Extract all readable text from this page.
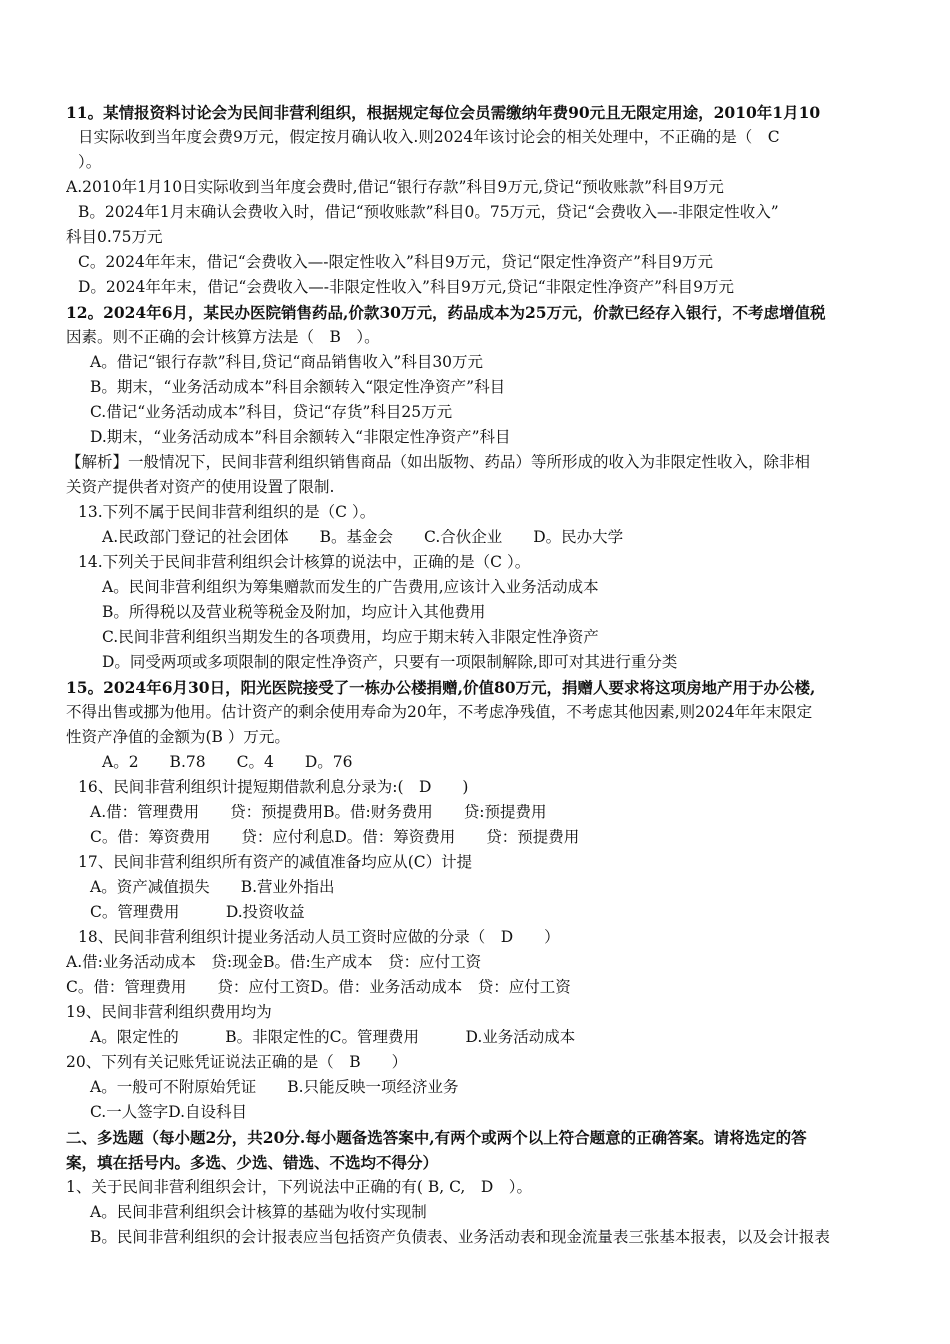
11。某情报资料讨论会为民间非营利组织，根据规定每位会员需缴纳年费90元且无限定用途，2010年1月10
日实际收到当年度会费9万元，假定按月确认收入.则2024年该讨论会的相关处理中，不正确的是（　C
）。
A.2010年1月10日实际收到当年度会费时,借记“银行存款”科目9万元,贷记“预收账款”科目9万元
B。2024年1月末确认会费收入时，借记“预收账款”科目0。75万元，贷记“会费收入—-非限定性收入”
科目0.75万元
C。2024年年末，借记“会费收入—-限定性收入”科目9万元，贷记“限定性净资产”科目9万元
D。2024年年末，借记“会费收入—-非限定性收入”科目9万元,贷记“非限定性净资产”科目9万元
12。2024年6月，某民办医院销售药品,价款30万元，药品成本为25万元，价款已经存入银行，不考虑增值税
因素。则不正确的会计核算方法是（　B　）。
A。借记“银行存款”科目,贷记“商品销售收入”科目30万元
B。期末，“业务活动成本”科目余额转入“限定性净资产”科目
C.借记“业务活动成本”科目，贷记“存货”科目25万元
D.期末，“业务活动成本”科目余额转入“非限定性净资产”科目
【解析】一般情况下，民间非营利组织销售商品（如出版物、药品）等所形成的收入为非限定性收入，除非相
关资产提供者对资产的使用设置了限制.
13.下列不属于民间非营利组织的是（C ）。
A.民政部门登记的社会团体　　B。基金会　　C.合伙企业　　D。民办大学
14.下列关于民间非营利组织会计核算的说法中，正确的是（C ）。
A。民间非营利组织为筹集赠款而发生的广告费用,应该计入业务活动成本
B。所得税以及营业税等税金及附加，均应计入其他费用
C.民间非营利组织当期发生的各项费用，均应于期末转入非限定性净资产
D。同受两项或多项限制的限定性净资产，只要有一项限制解除,即可对其进行重分类
15。2024年6月30日，阳光医院接受了一栋办公楼捐赠,价值80万元，捐赠人要求将这项房地产用于办公楼,
不得出售或挪为他用。估计资产的剩余使用寿命为20年，不考虑净残值，不考虑其他因素,则2024年年末限定
性资产净值的金额为(B ）万元。
A。2　　B.78　　C。4　　D。76
16、民间非营利组织计提短期借款利息分录为:(　D　　)
A.借：管理费用　　贷：预提费用B。借:财务费用　　贷:预提费用
C。借：筹资费用　　贷：应付利息D。借：筹资费用　　贷：预提费用
17、民间非营利组织所有资产的减值准备均应从(C）计提
A。资产减值损失　　B.营业外指出
C。管理费用　　　D.投资收益
18、民间非营利组织计提业务活动人员工资时应做的分录（　D　　）
A.借:业务活动成本　贷:现金B。借:生产成本　贷：应付工资
C。借：管理费用　　贷：应付工资D。借：业务活动成本　贷：应付工资
19、民间非营利组织费用均为
A。限定性的　　　B。非限定性的C。管理费用　　　D.业务活动成本
20、下列有关记账凭证说法正确的是（　B　　）
A。一般可不附原始凭证　　B.只能反映一项经济业务
C.一人签字D.自设科目
二、多选题（每小题2分，共20分.每小题备选答案中,有两个或两个以上符合题意的正确答案。请将选定的答
案，填在括号内。多选、少选、错选、不选均不得分）
1、关于民间非营利组织会计，下列说法中正确的有( B, C,　D　）。
A。民间非营利组织会计核算的基础为收付实现制
B。民间非营利组织的会计报表应当包括资产负债表、业务活动表和现金流量表三张基本报表，以及会计报表
